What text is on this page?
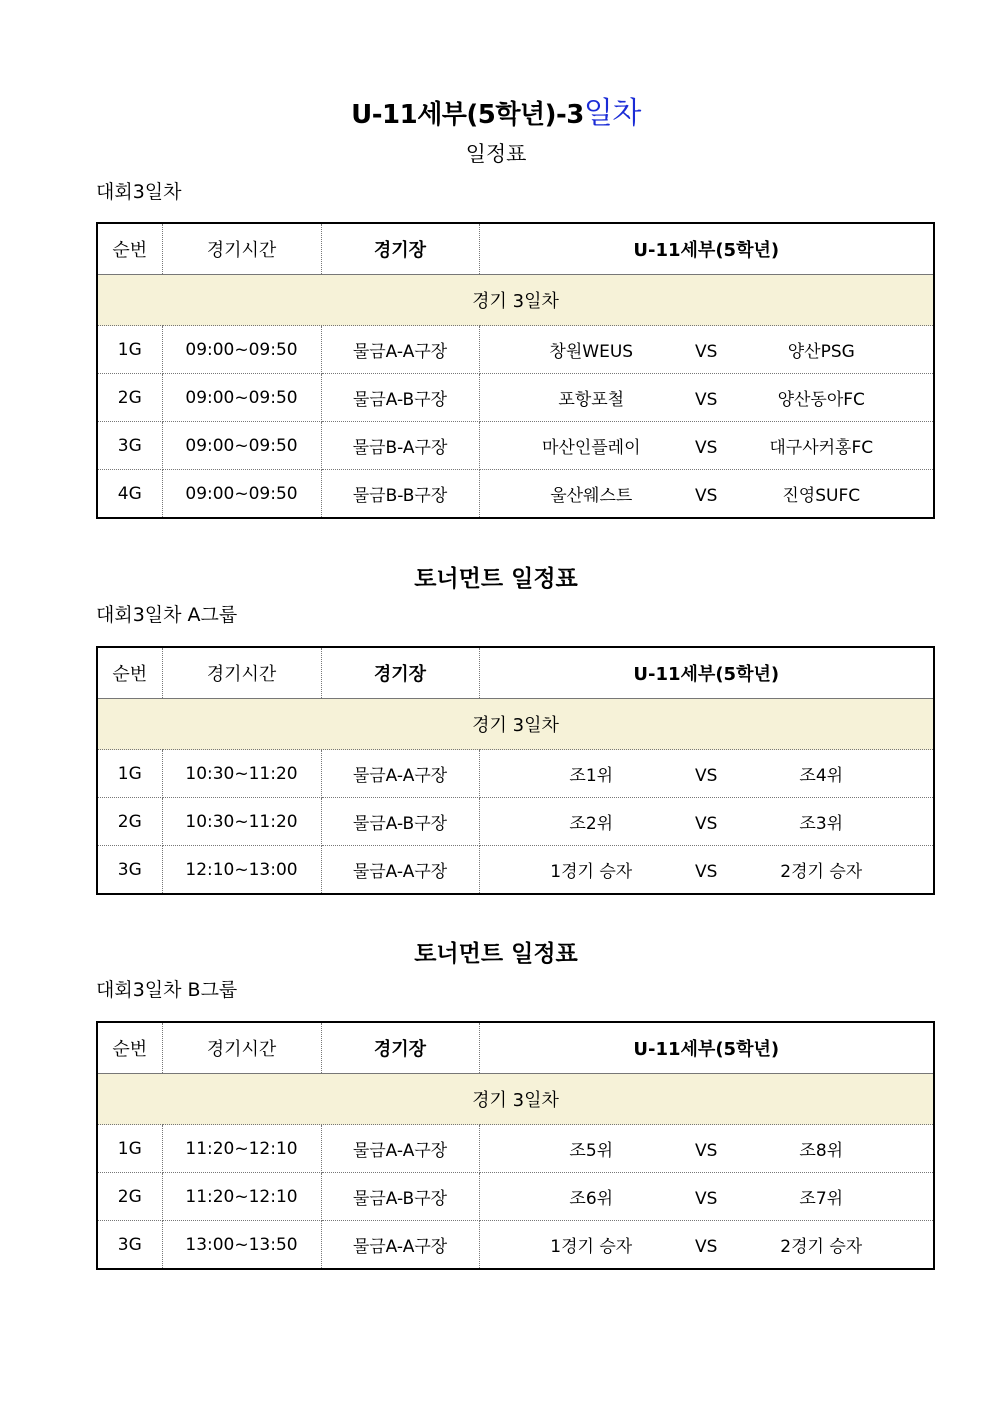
U-11세부(5학년)-3일차
일정표
대회3일차
순번	경기시간	경기장	U-11세부(5학년)
경기 3일차			
1G	09:00~09:50	물금A-A구장	창원WEUS VS 양산PSG
2G	09:00~09:50	물금A-B구장	포항포철 VS 양산동아FC
3G	09:00~09:50	물금B-A구장	마산인플레이 VS 대구사커홍FC
4G	09:00~09:50	물금B-B구장	울산웨스트 VS 진영SUFC
토너먼트 일정표
대회3일차 A그룹
순번	경기시간	경기장	U-11세부(5학년)
경기 3일차			
1G	10:30~11:20	물금A-A구장	조1위 VS 조4위
2G	10:30~11:20	물금A-B구장	조2위 VS 조3위
3G	12:10~13:00	물금A-A구장	1경기 승자 VS 2경기 승자
토너먼트 일정표
대회3일차 B그룹
순번	경기시간	경기장	U-11세부(5학년)
경기 3일차			
1G	11:20~12:10	물금A-A구장	조5위 VS 조8위
2G	11:20~12:10	물금A-B구장	조6위 VS 조7위
3G	13:00~13:50	물금A-A구장	1경기 승자 VS 2경기 승자
